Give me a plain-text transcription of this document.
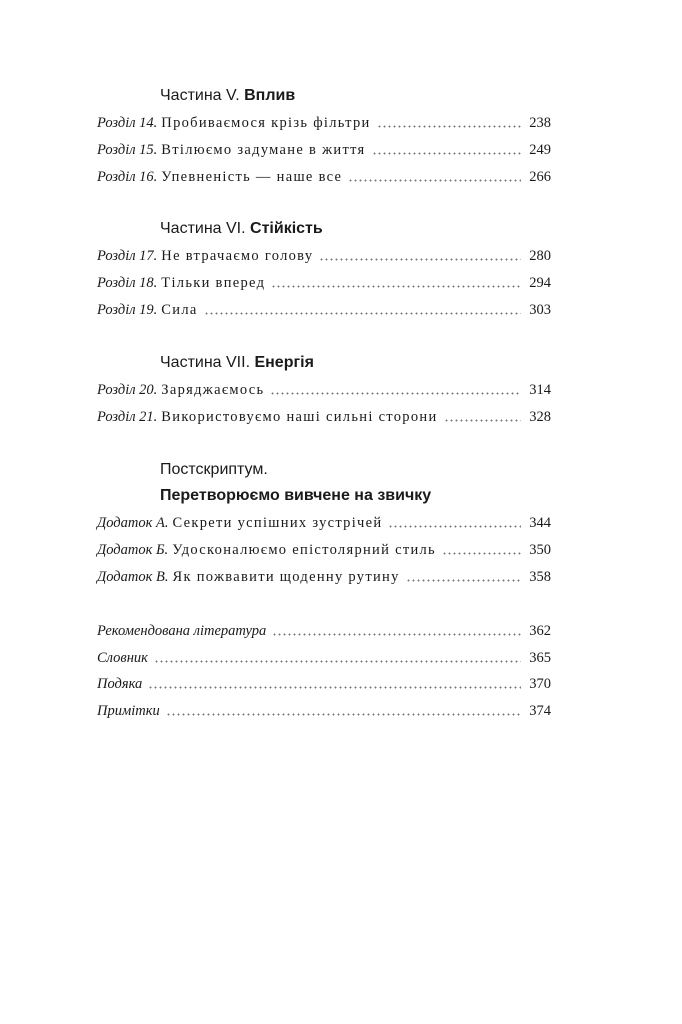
Частина V. Вплив
Розділ 14. Пробиваємося крізь фільтри	238
Розділ 15. Втілюємо задумане в життя	249
Розділ 16. Упевненість — наше все	266
Частина VI. Стійкість
Розділ 17. Не втрачаємо голову	280
Розділ 18. Тільки вперед	294
Розділ 19. Сила	303
Частина VII. Енергія
Розділ 20. Заряджаємось	314
Розділ 21. Використовуємо наші сильні сторони	328
Постскриптум.
Перетворюємо вивчене на звичку
Додаток А. Секрети успішних зустрічей	344
Додаток Б. Удосконалюємо епістолярний стиль	350
Додаток В. Як пожвавити щоденну рутину	358
Рекомендована література	362
Словник	365
Подяка	370
Примітки	374
